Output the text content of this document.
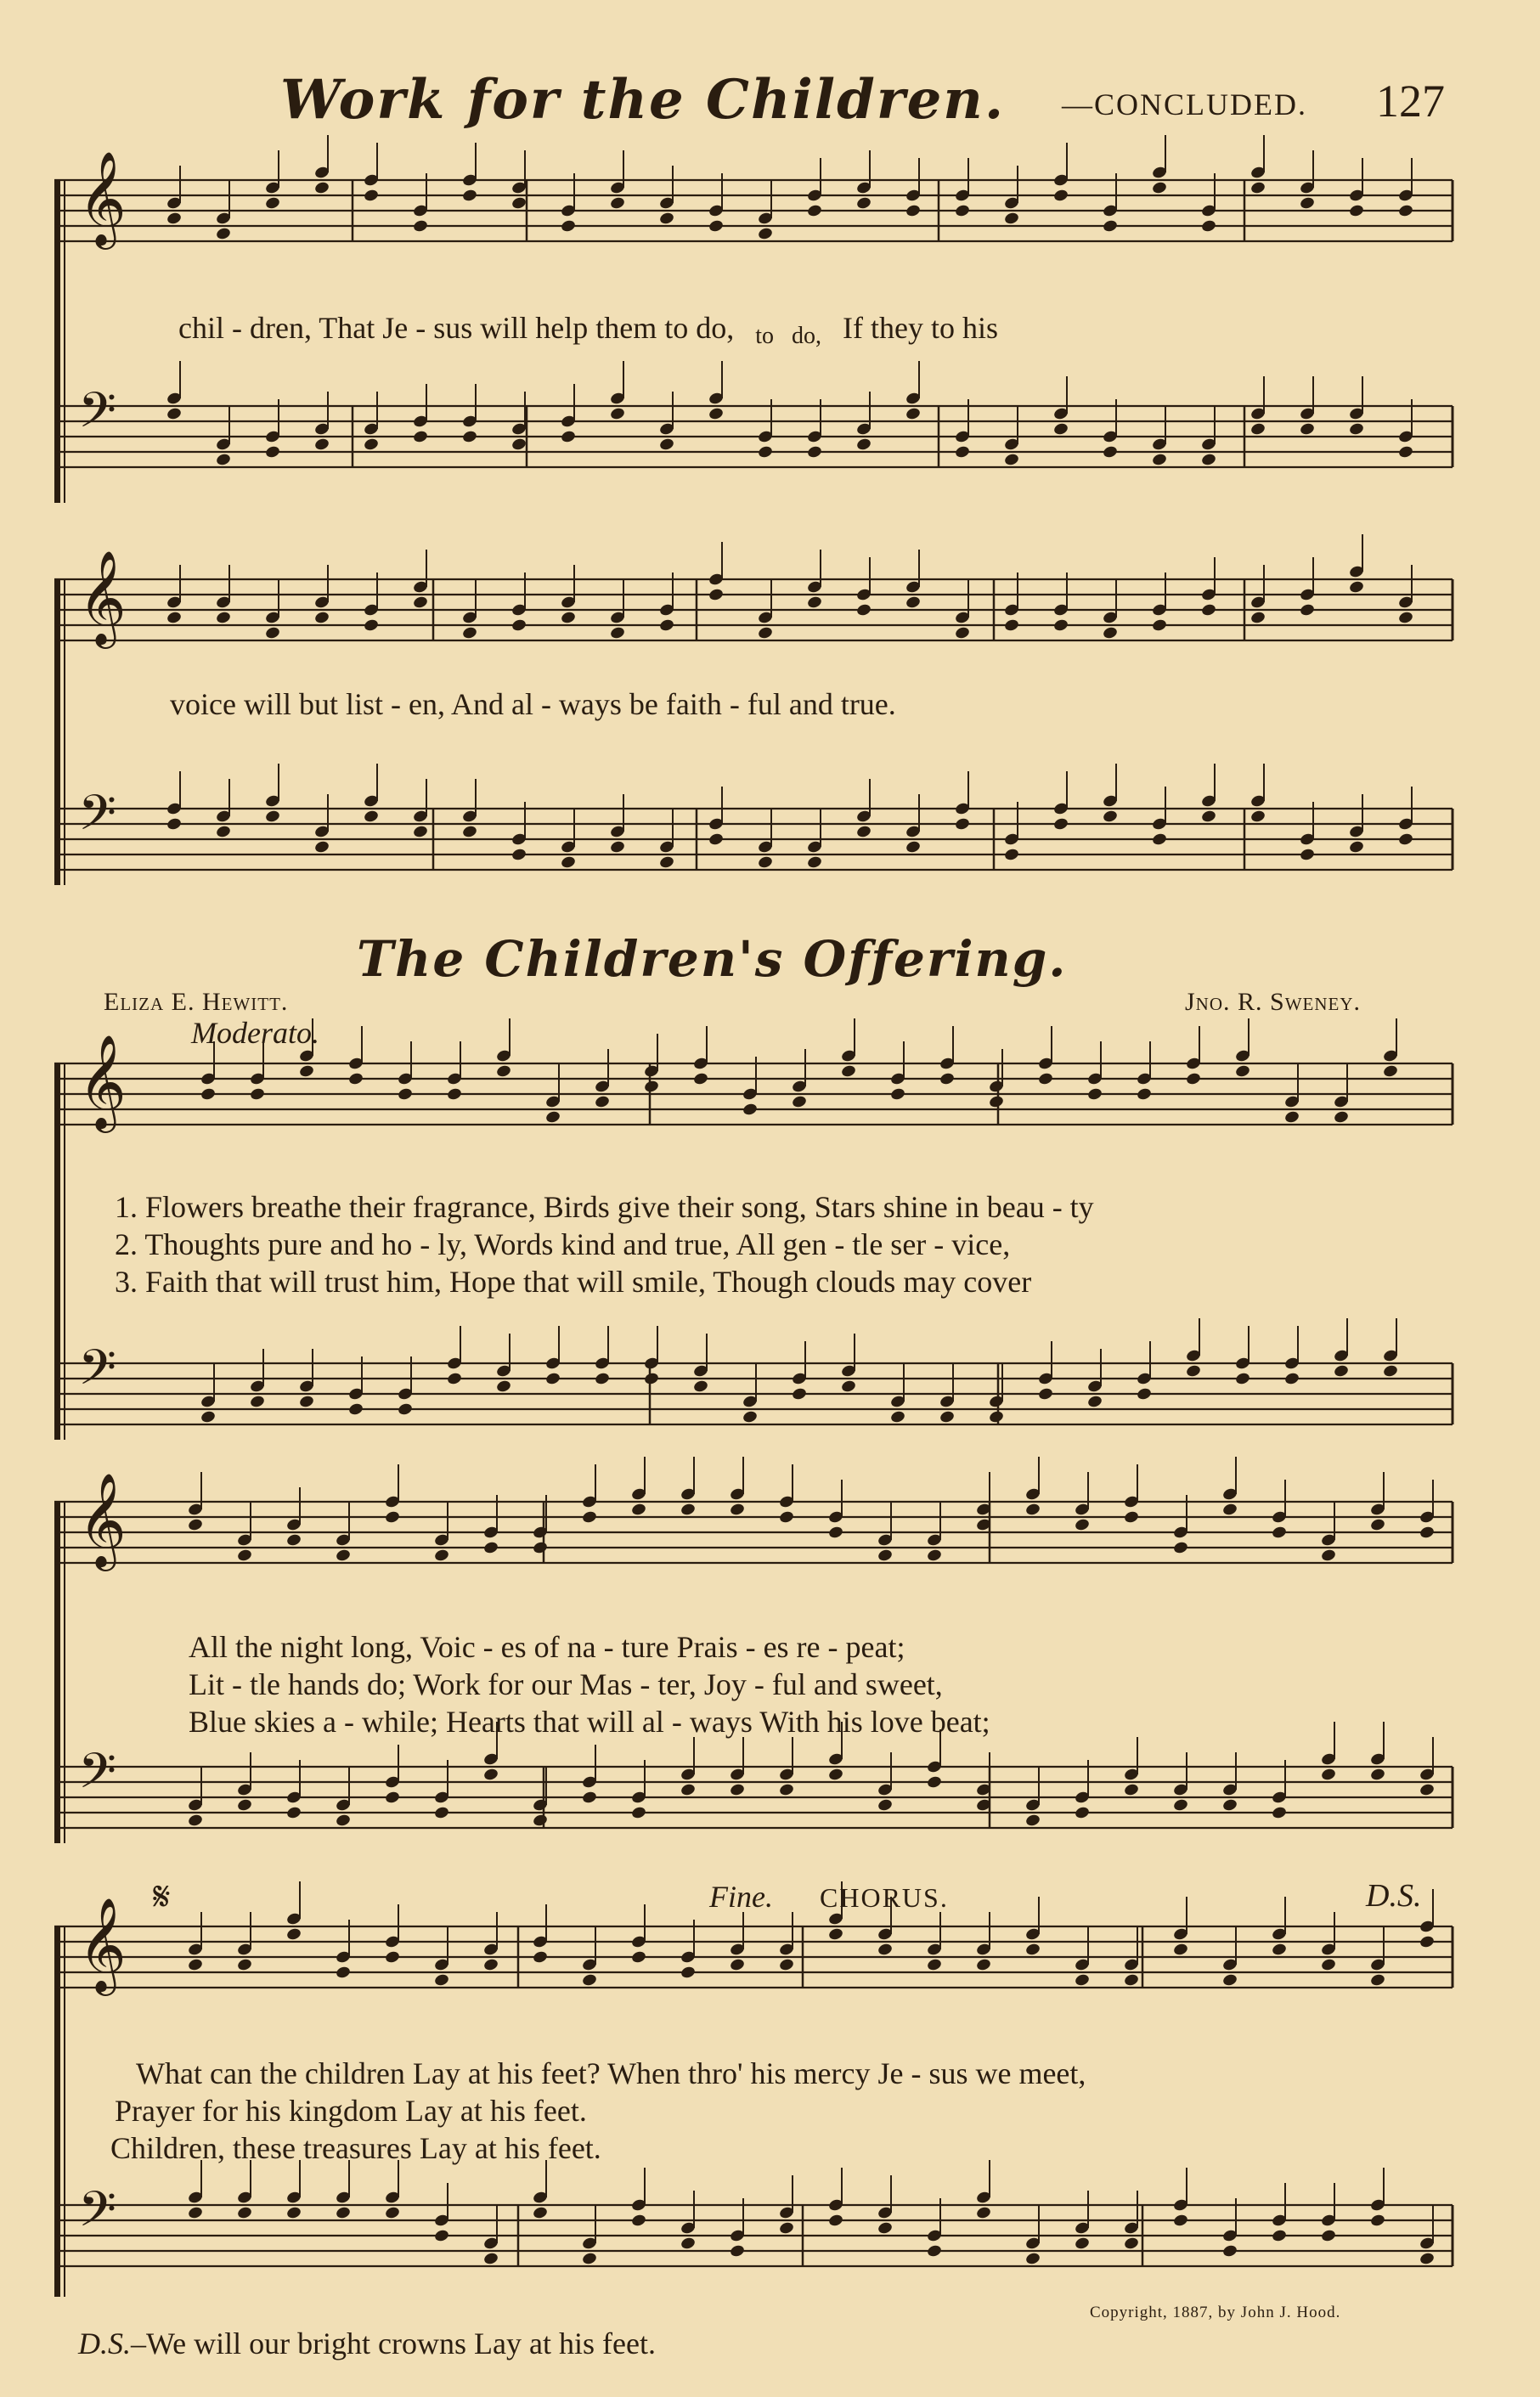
𝄞
𝄢
𝄞
𝄢
𝄞
𝄢
𝄞
𝄢
𝄞
𝄢
Work for the Children. —CONCLUDED. 127
chil - dren, That Je - sus will help them to do, to do, If they to his
voice will but list - en, And al - ways be faith - ful and true.
The Children's Offering.
Eliza E. Hewitt.	Jno. R. Sweney.
Moderato.
1. Flowers breathe their fragrance, Birds give their song, Stars shine in beau - ty
2. Thoughts pure and ho - ly, Words kind and true, All gen - tle ser - vice,
3. Faith that will trust him, Hope that will smile, Though clouds may cover
All the night long, Voic - es of na - ture Prais - es re - peat;
Lit - tle hands do; Work for our Mas - ter, Joy - ful and sweet,
Blue skies a - while; Hearts that will al - ways With his love beat;
𝄋	Fine. CHORUS.	D.S.
What can the children Lay at his feet? When thro' his mercy Je - sus we meet,
Prayer for his kingdom Lay at his feet.
Children, these treasures Lay at his feet.
Copyright, 1887, by John J. Hood.
D.S.–We will our bright crowns Lay at his feet.
